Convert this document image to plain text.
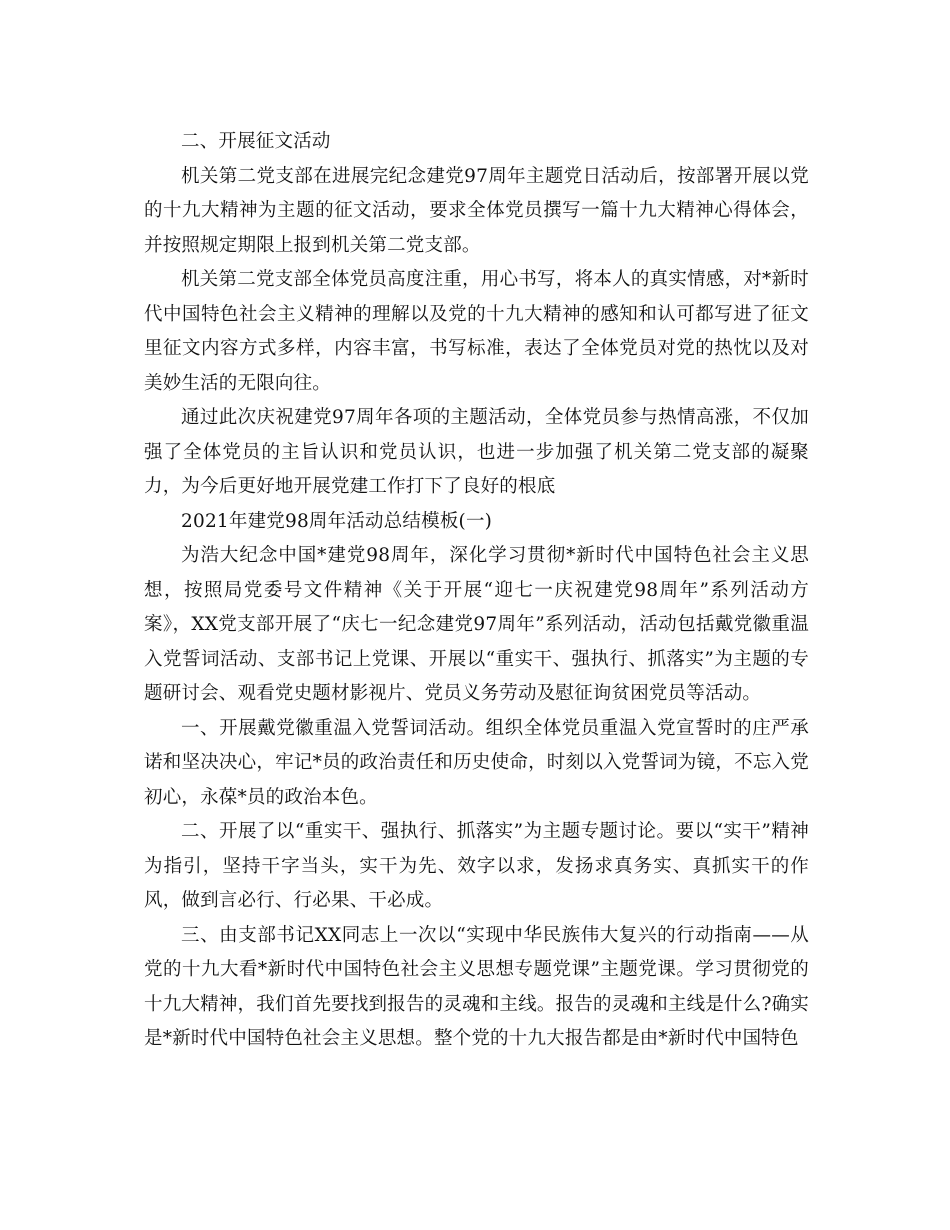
二、开展征文活动

机关第二党支部在进展完纪念建党97周年主题党日活动后，按部署开展以党的十九大精神为主题的征文活动，要求全体党员撰写一篇十九大精神心得体会，并按照规定期限上报到机关第二党支部。

机关第二党支部全体党员高度注重，用心书写，将本人的真实情感，对*新时代中国特色社会主义精神的理解以及党的十九大精神的感知和认可都写进了征文里征文内容方式多样，内容丰富，书写标准，表达了全体党员对党的热忱以及对美妙生活的无限向往。

通过此次庆祝建党97周年各项的主题活动，全体党员参与热情高涨，不仅加强了全体党员的主旨认识和党员认识，也进一步加强了机关第二党支部的凝聚力，为今后更好地开展党建工作打下了良好的根底

2021年建党98周年活动总结模板(一)

为浩大纪念中国*建党98周年，深化学习贯彻*新时代中国特色社会主义思想，按照局党委号文件精神《关于开展“迎七一庆祝建党98周年”系列活动方案》，XX党支部开展了“庆七一纪念建党97周年”系列活动，活动包括戴党徽重温入党誓词活动、支部书记上党课、开展以“重实干、强执行、抓落实”为主题的专题研讨会、观看党史题材影视片、党员义务劳动及慰征询贫困党员等活动。

一、开展戴党徽重温入党誓词活动。组织全体党员重温入党宣誓时的庄严承诺和坚决决心，牢记*员的政治责任和历史使命，时刻以入党誓词为镜，不忘入党初心，永葆*员的政治本色。

二、开展了以“重实干、强执行、抓落实”为主题专题讨论。要以“实干”精神为指引，坚持干字当头，实干为先、效字以求，发扬求真务实、真抓实干的作风，做到言必行、行必果、干必成。

三、由支部书记XX同志上一次以“实现中华民族伟大复兴的行动指南——从党的十九大看*新时代中国特色社会主义思想专题党课”主题党课。学习贯彻党的十九大精神，我们首先要找到报告的灵魂和主线。报告的灵魂和主线是什么?确实是*新时代中国特色社会主义思想。整个党的十九大报告都是由*新时代中国特色
